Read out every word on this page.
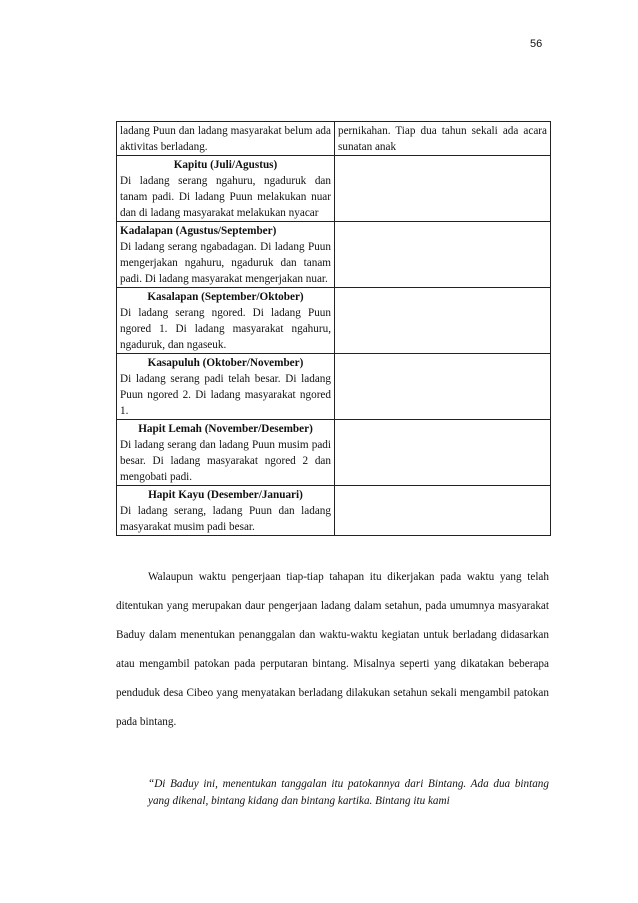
56
ladang Puun dan ladang masyarakat belum ada aktivitas berladang.	pernikahan. Tiap dua tahun sekali ada acara sunatan anak

Kapitu (Juli/Agustus)
Di ladang serang ngahuru, ngaduruk dan tanam padi. Di ladang Puun melakukan nuar dan di ladang masyarakat melakukan nyacar	

Kadalapan (Agustus/September)
Di ladang serang ngabadagan. Di ladang Puun mengerjakan ngahuru, ngaduruk dan tanam padi. Di ladang masyarakat mengerjakan nuar.	

Kasalapan (September/Oktober)
Di ladang serang ngored. Di ladang Puun ngored 1. Di ladang masyarakat ngahuru, ngaduruk, dan ngaseuk.	

Kasapuluh (Oktober/November)
Di ladang serang padi telah besar. Di ladang Puun ngored 2. Di ladang masyarakat ngored 1.	

Hapit Lemah (November/Desember)
Di ladang serang dan ladang Puun musim padi besar. Di ladang masyarakat ngored 2 dan mengobati padi.	

Hapit Kayu (Desember/Januari)
Di ladang serang, ladang Puun dan ladang masyarakat musim padi besar.	

Walaupun waktu pengerjaan tiap-tiap tahapan itu dikerjakan pada waktu yang telah ditentukan yang merupakan daur pengerjaan ladang dalam setahun, pada umumnya masyarakat Baduy dalam menentukan penanggalan dan waktu-waktu kegiatan untuk berladang didasarkan atau mengambil patokan pada perputaran bintang. Misalnya seperti yang dikatakan beberapa penduduk desa Cibeo yang menyatakan berladang dilakukan setahun sekali mengambil patokan pada bintang.

“Di Baduy ini, menentukan tanggalan itu patokannya dari Bintang. Ada dua bintang yang dikenal, bintang kidang dan bintang kartika. Bintang itu kami
